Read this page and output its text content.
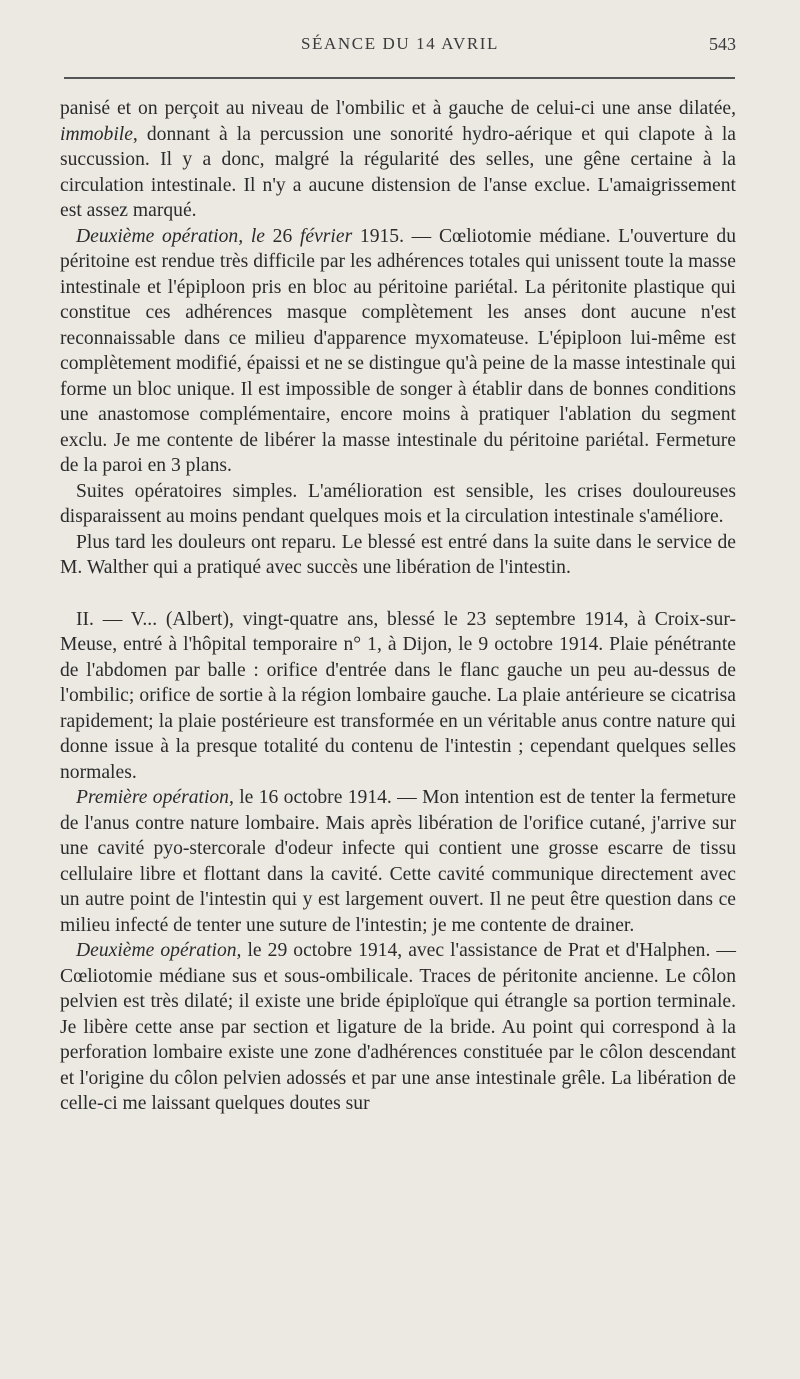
SÉANCE DU 14 AVRIL	543

panisé et on perçoit au niveau de l'ombilic et à gauche de celui-ci une anse dilatée, immobile, donnant à la percussion une sonorité hydro-aérique et qui clapote à la succussion. Il y a donc, malgré la régularité des selles, une gêne certaine à la circulation intestinale. Il n'y a aucune distension de l'anse exclue. L'amaigrissement est assez marqué.

Deuxième opération, le 26 février 1915. — Cœliotomie médiane. L'ouverture du péritoine est rendue très difficile par les adhérences totales qui unissent toute la masse intestinale et l'épiploon pris en bloc au péritoine pariétal. La péritonite plastique qui constitue ces adhérences masque complètement les anses dont aucune n'est reconnaissable dans ce milieu d'apparence myxomateuse. L'épiploon lui-même est complètement modifié, épaissi et ne se distingue qu'à peine de la masse intestinale qui forme un bloc unique. Il est impossible de songer à établir dans de bonnes conditions une anastomose complémentaire, encore moins à pratiquer l'ablation du segment exclu. Je me contente de libérer la masse intestinale du péritoine pariétal. Fermeture de la paroi en 3 plans.

Suites opératoires simples. L'amélioration est sensible, les crises douloureuses disparaissent au moins pendant quelques mois et la circulation intestinale s'améliore.

Plus tard les douleurs ont reparu. Le blessé est entré dans la suite dans le service de M. Walther qui a pratiqué avec succès une libération de l'intestin.

II. — V... (Albert), vingt-quatre ans, blessé le 23 septembre 1914, à Croix-sur-Meuse, entré à l'hôpital temporaire n° 1, à Dijon, le 9 octobre 1914. Plaie pénétrante de l'abdomen par balle : orifice d'entrée dans le flanc gauche un peu au-dessus de l'ombilic; orifice de sortie à la région lombaire gauche. La plaie antérieure se cicatrisa rapidement; la plaie postérieure est transformée en un véritable anus contre nature qui donne issue à la presque totalité du contenu de l'intestin ; cependant quelques selles normales.

Première opération, le 16 octobre 1914. — Mon intention est de tenter la fermeture de l'anus contre nature lombaire. Mais après libération de l'orifice cutané, j'arrive sur une cavité pyo-stercorale d'odeur infecte qui contient une grosse escarre de tissu cellulaire libre et flottant dans la cavité. Cette cavité communique directement avec un autre point de l'intestin qui y est largement ouvert. Il ne peut être question dans ce milieu infecté de tenter une suture de l'intestin; je me contente de drainer.

Deuxième opération, le 29 octobre 1914, avec l'assistance de Prat et d'Halphen. — Cœliotomie médiane sus et sous-ombilicale. Traces de péritonite ancienne. Le côlon pelvien est très dilaté; il existe une bride épiploïque qui étrangle sa portion terminale. Je libère cette anse par section et ligature de la bride. Au point qui correspond à la perforation lombaire existe une zone d'adhérences constituée par le côlon descendant et l'origine du côlon pelvien adossés et par une anse intestinale grêle. La libération de celle-ci me laissant quelques doutes sur
